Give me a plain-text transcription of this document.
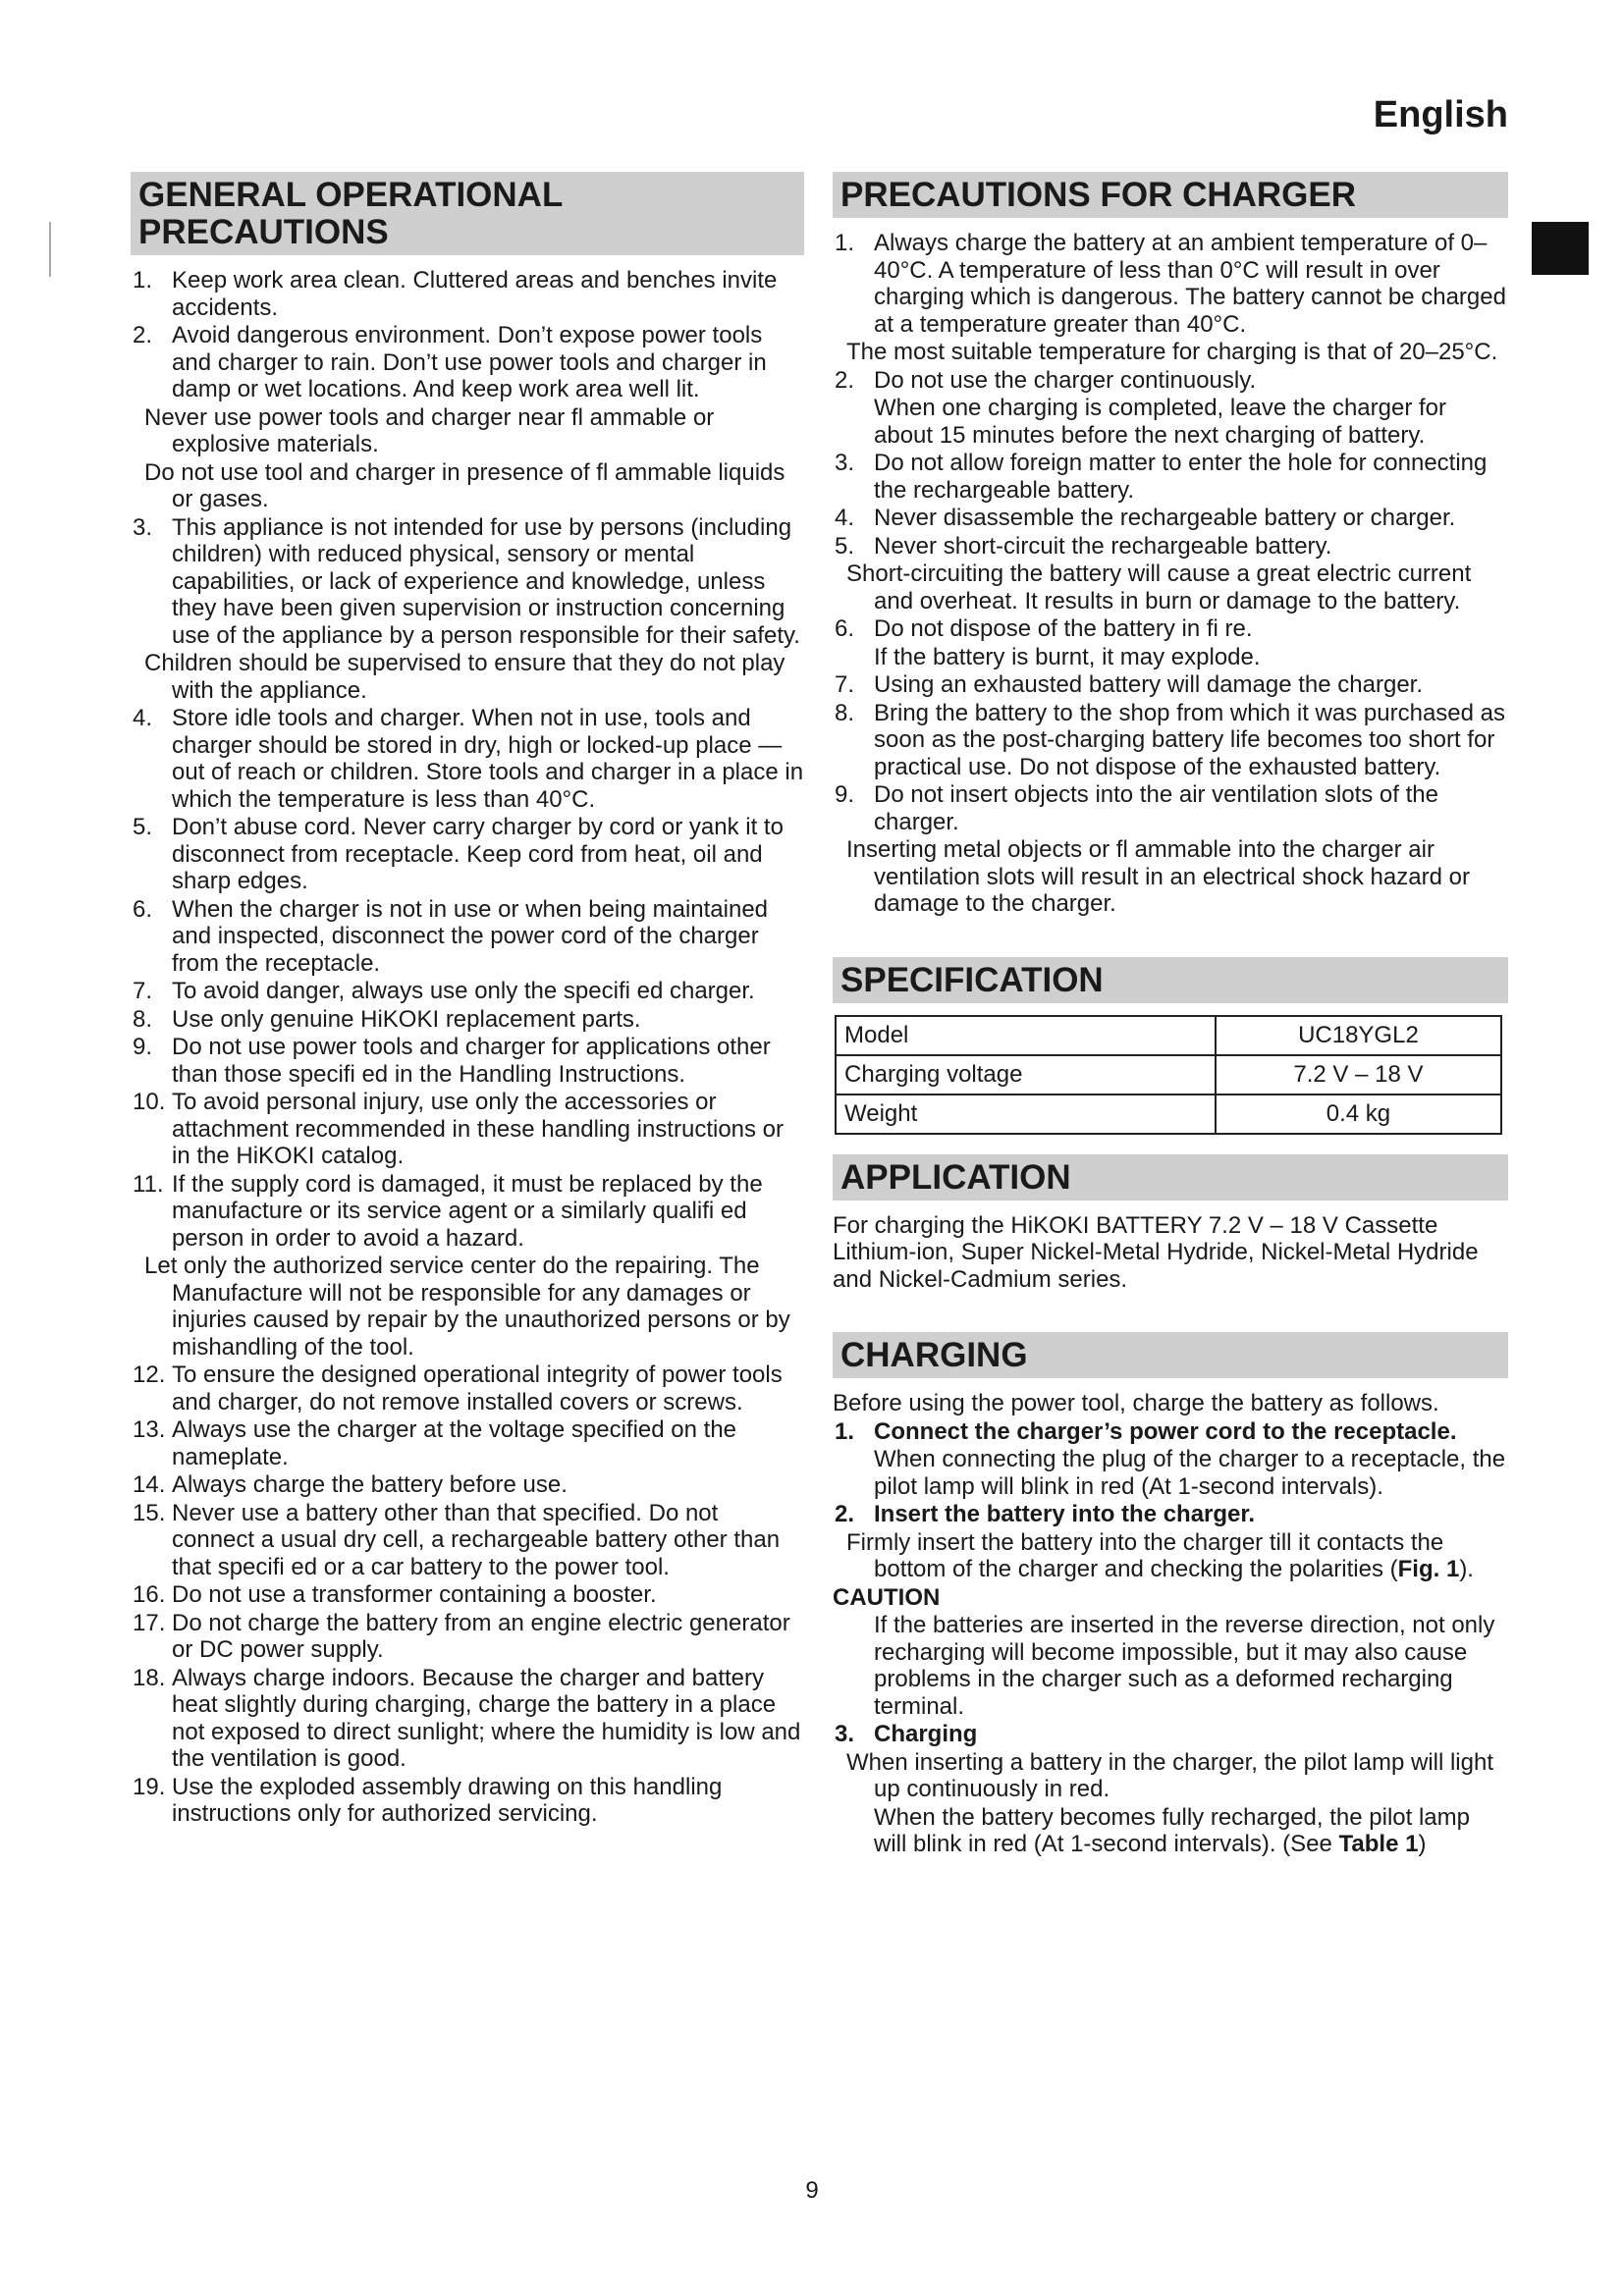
English
GENERAL OPERATIONAL PRECAUTIONS
1. Keep work area clean. Cluttered areas and benches invite accidents.
2. Avoid dangerous environment. Don’t expose power tools and charger to rain. Don’t use power tools and charger in damp or wet locations. And keep work area well lit.

Never use power tools and charger near fl ammable or explosive materials.

Do not use tool and charger in presence of fl ammable liquids or gases.

3. This appliance is not intended for use by persons (including children) with reduced physical, sensory or mental capabilities, or lack of experience and knowledge, unless they have been given supervision or instruction concerning use of the appliance by a person responsible for their safety.

Children should be supervised to ensure that they do not play with the appliance.

4. Store idle tools and charger. When not in use, tools and charger should be stored in dry, high or locked-up place — out of reach or children. Store tools and charger in a place in which the temperature is less than 40°C.
5. Don’t abuse cord. Never carry charger by cord or yank it to disconnect from receptacle. Keep cord from heat, oil and sharp edges.
6. When the charger is not in use or when being maintained and inspected, disconnect the power cord of the charger from the receptacle.
7. To avoid danger, always use only the specifi ed charger.
8. Use only genuine HiKOKI replacement parts.
9. Do not use power tools and charger for applications other than those specifi ed in the Handling Instructions.
10. To avoid personal injury, use only the accessories or attachment recommended in these handling instructions or in the HiKOKI catalog.
11. If the supply cord is damaged, it must be replaced by the manufacture or its service agent or a similarly qualifi ed person in order to avoid a hazard.

Let only the authorized service center do the repairing. The Manufacture will not be responsible for any damages or injuries caused by repair by the unauthorized persons or by mishandling of the tool.

12. To ensure the designed operational integrity of power tools and charger, do not remove installed covers or screws.
13. Always use the charger at the voltage specified on the nameplate.
14. Always charge the battery before use.
15. Never use a battery other than that specified. Do not connect a usual dry cell, a rechargeable battery other than that specifi ed or a car battery to the power tool.
16. Do not use a transformer containing a booster.
17. Do not charge the battery from an engine electric generator or DC power supply.
18. Always charge indoors. Because the charger and battery heat slightly during charging, charge the battery in a place not exposed to direct sunlight; where the humidity is low and the ventilation is good.
19. Use the exploded assembly drawing on this handling instructions only for authorized servicing.
PRECAUTIONS FOR CHARGER
1. Always charge the battery at an ambient temperature of 0–40°C. A temperature of less than 0°C will result in over charging which is dangerous. The battery cannot be charged at a temperature greater than 40°C.

The most suitable temperature for charging is that of 20–25°C.

2. Do not use the charger continuously.

When one charging is completed, leave the charger for about 15 minutes before the next charging of battery.

3. Do not allow foreign matter to enter the hole for connecting the rechargeable battery.
4. Never disassemble the rechargeable battery or charger.
5. Never short-circuit the rechargeable battery.

Short-circuiting the battery will cause a great electric current and overheat. It results in burn or damage to the battery.

6. Do not dispose of the battery in fi re.

If the battery is burnt, it may explode.

7. Using an exhausted battery will damage the charger.
8. Bring the battery to the shop from which it was purchased as soon as the post-charging battery life becomes too short for practical use. Do not dispose of the exhausted battery.
9. Do not insert objects into the air ventilation slots of the charger.

Inserting metal objects or fl ammable into the charger air ventilation slots will result in an electrical shock hazard or damage to the charger.

SPECIFICATION
Model	UC18YGL2
Charging voltage	7.2 V – 18 V
Weight	0.4 kg
APPLICATION

For charging the HiKOKI BATTERY 7.2 V – 18 V Cassette Lithium-ion, Super Nickel-Metal Hydride, Nickel-Metal Hydride and Nickel-Cadmium series.

CHARGING

Before using the power tool, charge the battery as follows.

1. Connect the charger’s power cord to the receptacle.

When connecting the plug of the charger to a receptacle, the pilot lamp will blink in red (At 1-second intervals).

2. Insert the battery into the charger.

Firmly insert the battery into the charger till it contacts the bottom of the charger and checking the polarities (Fig. 1).

CAUTION

If the batteries are inserted in the reverse direction, not only recharging will become impossible, but it may also cause problems in the charger such as a deformed recharging terminal.

3. Charging

When inserting a battery in the charger, the pilot lamp will light up continuously in red.

When the battery becomes fully recharged, the pilot lamp will blink in red (At 1-second intervals). (See Table 1)

9
